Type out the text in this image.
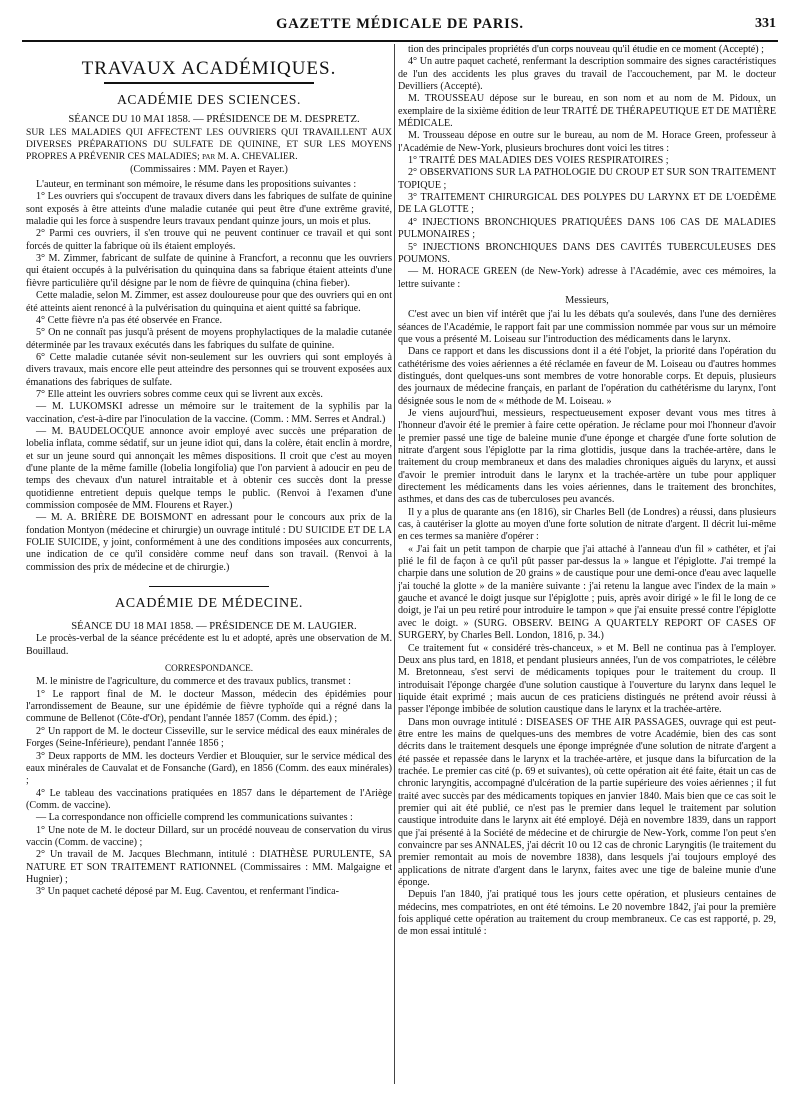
GAZETTE MÉDICALE DE PARIS.	331
TRAVAUX ACADÉMIQUES.
ACADÉMIE DES SCIENCES.

SÉANCE DU 10 MAI 1858. — PRÉSIDENCE DE M. DESPRETZ.

SUR LES MALADIES QUI AFFECTENT LES OUVRIERS QUI TRAVAILLENT AUX DIVERSES PRÉPARATIONS DU SULFATE DE QUININE, ET SUR LES MOYENS PROPRES A PRÉVENIR CES MALADIES; par M. A. CHEVALIER.

(Commissaires : MM. Payen et Rayer.)

L'auteur, en terminant son mémoire, le résume dans les propositions suivantes :

1° Les ouvriers qui s'occupent de travaux divers dans les fabriques de sulfate de quinine sont exposés à être atteints d'une maladie cutanée qui peut être d'une extrême gravité, maladie qui les force à suspendre leurs travaux pendant quinze jours, un mois et plus.

2° Parmi ces ouvriers, il s'en trouve qui ne peuvent continuer ce travail et qui sont forcés de quitter la fabrique où ils étaient employés.

3° M. Zimmer, fabricant de sulfate de quinine à Francfort, a reconnu que les ouvriers qui étaient occupés à la pulvérisation du quinquina dans sa fabrique étaient atteints d'une fièvre particulière qu'il désigne par le nom de fièvre de quinquina (china fieber).

Cette maladie, selon M. Zimmer, est assez douloureuse pour que des ouvriers qui en ont été atteints aient renoncé à la pulvérisation du quinquina et aient quitté sa fabrique.

4° Cette fièvre n'a pas été observée en France.

5° On ne connaît pas jusqu'à présent de moyens prophylactiques de la maladie cutanée déterminée par les travaux exécutés dans les fabriques du sulfate de quinine.

6° Cette maladie cutanée sévit non-seulement sur les ouvriers qui sont employés à divers travaux, mais encore elle peut atteindre des personnes qui se trouvent exposées aux émanations des fabriques de sulfate.

7° Elle atteint les ouvriers sobres comme ceux qui se livrent aux excès.

— M. LUKOMSKI adresse un mémoire sur le traitement de la syphilis par la vaccination, c'est-à-dire par l'inoculation de la vaccine. (Comm. : MM. Serres et Andral.)

— M. BAUDELOCQUE annonce avoir employé avec succès une préparation de lobelia inflata, comme sédatif, sur un jeune idiot qui, dans la colère, était enclin à mordre, et sur un jeune sourd qui annonçait les mêmes dispositions. Il croit que c'est au moyen d'une plante de la même famille (lobelia longifolia) que l'on parvient à adoucir en peu de temps des chevaux d'un naturel intraitable et à obtenir ces succès dont la presse quotidienne entretient depuis quelque temps le public. (Renvoi à l'examen d'une commission composée de MM. Flourens et Rayer.)

— M. A. BRIÈRE DE BOISMONT en adressant pour le concours aux prix de la fondation Montyon (médecine et chirurgie) un ouvrage intitulé : DU SUICIDE ET DE LA FOLIE SUICIDE, y joint, conformément à une des conditions imposées aux concurrents, une indication de ce qu'il considère comme neuf dans son travail. (Renvoi à la commission des prix de médecine et de chirurgie.)

ACADÉMIE DE MÉDECINE.

SÉANCE DU 18 MAI 1858. — PRÉSIDENCE DE M. LAUGIER.

Le procès-verbal de la séance précédente est lu et adopté, après une observation de M. Bouillaud.

CORRESPONDANCE.

M. le ministre de l'agriculture, du commerce et des travaux publics, transmet :

1° Le rapport final de M. le docteur Masson, médecin des épidémies pour l'arrondissement de Beaune, sur une épidémie de fièvre typhoïde qui a régné dans la commune de Bellenot (Côte-d'Or), pendant l'année 1857 (Comm. des épid.) ;

2° Un rapport de M. le docteur Cisseville, sur le service médical des eaux minérales de Forges (Seine-Inférieure), pendant l'année 1856 ;

3° Deux rapports de MM. les docteurs Verdier et Blouquier, sur le service médical des eaux minérales de Cauvalat et de Fonsanche (Gard), en 1856 (Comm. des eaux minérales) ;

4° Le tableau des vaccinations pratiquées en 1857 dans le département de l'Ariège (Comm. de vaccine).

— La correspondance non officielle comprend les communications suivantes :

1° Une note de M. le docteur Dillard, sur un procédé nouveau de conservation du virus vaccin (Comm. de vaccine) ;

2° Un travail de M. Jacques Blechmann, intitulé : DIATHÈSE PURULENTE, SA NATURE ET SON TRAITEMENT RATIONNEL (Commissaires : MM. Malgaigne et Hugnier) ;

3° Un paquet cacheté déposé par M. Eug. Caventou, et renfermant l'indica-

tion des principales propriétés d'un corps nouveau qu'il étudie en ce moment (Accepté) ;

4° Un autre paquet cacheté, renfermant la description sommaire des signes caractéristiques de l'un des accidents les plus graves du travail de l'accouchement, par M. le docteur Devilliers (Accepté).

M. TROUSSEAU dépose sur le bureau, en son nom et au nom de M. Pidoux, un exemplaire de la sixième édition de leur TRAITÉ DE THÉRAPEUTIQUE ET DE MATIÈRE MÉDICALE.

M. Trousseau dépose en outre sur le bureau, au nom de M. Horace Green, professeur à l'Académie de New-York, plusieurs brochures dont voici les titres :

1° TRAITÉ DES MALADIES DES VOIES RESPIRATOIRES ;

2° OBSERVATIONS SUR LA PATHOLOGIE DU CROUP ET SUR SON TRAITEMENT TOPIQUE ;

3° TRAITEMENT CHIRURGICAL DES POLYPES DU LARYNX ET DE L'OEDÈME DE LA GLOTTE ;

4° INJECTIONS BRONCHIQUES PRATIQUÉES DANS 106 CAS DE MALADIES PULMONAIRES ;

5° INJECTIONS BRONCHIQUES DANS DES CAVITÉS TUBERCULEUSES DES POUMONS.

— M. HORACE GREEN (de New-York) adresse à l'Académie, avec ces mémoires, la lettre suivante :

Messieurs,

C'est avec un bien vif intérêt que j'ai lu les débats qu'a soulevés, dans l'une des dernières séances de l'Académie, le rapport fait par une commission nommée par vous sur un mémoire que vous a présenté M. Loiseau sur l'introduction des médicaments dans le larynx.

Dans ce rapport et dans les discussions dont il a été l'objet, la priorité dans l'opération du cathétérisme des voies aériennes a été réclamée en faveur de M. Loiseau ou d'autres hommes distingués, dont quelques-uns sont membres de votre honorable corps. Et depuis, plusieurs des journaux de médecine français, en parlant de l'opération du cathétérisme du larynx, l'ont désignée sous le nom de « méthode de M. Loiseau. »

Je viens aujourd'hui, messieurs, respectueusement exposer devant vous mes titres à l'honneur d'avoir été le premier à faire cette opération. Je réclame pour moi l'honneur d'avoir le premier passé une tige de baleine munie d'une éponge et chargée d'une forte solution de nitrate d'argent sous l'épiglotte par la rima glottidis, jusque dans la trachée-artère, dans le traitement du croup membraneux et dans des maladies chroniques aiguës du larynx, et aussi d'avoir le premier introduit dans le larynx et la trachée-artère un tube pour appliquer directement les médicaments dans les voies aériennes, dans le traitement des bronchites, asthmes, et dans des cas de tuberculoses peu avancés.

Il y a plus de quarante ans (en 1816), sir Charles Bell (de Londres) a réussi, dans plusieurs cas, à cautériser la glotte au moyen d'une forte solution de nitrate d'argent. Il décrit lui-même en ces termes sa manière d'opérer :

« J'ai fait un petit tampon de charpie que j'ai attaché à l'anneau d'un fil » cathéter, et j'ai plié le fil de façon à ce qu'il pût passer par-dessus la » langue et l'épiglotte. J'ai trempé la charpie dans une solution de 20 grains » de caustique pour une demi-once d'eau avec laquelle j'ai touché la glotte » de la manière suivante : j'ai retenu la langue avec l'index de la main » gauche et avancé le doigt jusque sur l'épiglotte ; puis, après avoir dirigé » le fil le long de ce doigt, je l'ai un peu retiré pour introduire le tampon » que j'ai ensuite pressé contre l'épiglotte avec le doigt. » (SURG. OBSERV. BEING A QUARTELY REPORT OF CASES OF SURGERY, by Charles Bell. London, 1816, p. 34.)

Ce traitement fut « considéré très-chanceux, » et M. Bell ne continua pas à l'employer. Deux ans plus tard, en 1818, et pendant plusieurs années, l'un de vos compatriotes, le célèbre M. Bretonneau, s'est servi de médicaments topiques pour le traitement du croup. Il introduisait l'éponge chargée d'une solution caustique à l'ouverture du larynx dans lequel le liquide était exprimé ; mais aucun de ces praticiens distingués ne prétend avoir réussi à passer l'éponge imbibée de solution caustique dans le larynx et la trachée-artère.

Dans mon ouvrage intitulé : DISEASES OF THE AIR PASSAGES, ouvrage qui est peut-être entre les mains de quelques-uns des membres de votre Académie, bien des cas sont décrits dans le traitement desquels une éponge imprégnée d'une solution de nitrate d'argent a été passée et repassée dans le larynx et la trachée-artère, et jusque dans la bifurcation de la trachée. Le premier cas cité (p. 69 et suivantes), où cette opération ait été faite, était un cas de chronic laryngitis, accompagné d'ulcération de la partie supérieure des voies aériennes ; il fut traité avec succès par des médicaments topiques en janvier 1840. Mais bien que ce cas soit le premier qui ait été publié, ce n'est pas le premier dans lequel le traitement par solution caustique introduite dans le larynx ait été employé. Déjà en novembre 1839, dans un rapport que j'ai présenté à la Société de médecine et de chirurgie de New-York, comme l'on peut s'en convaincre par ses ANNALES, j'ai décrit 10 ou 12 cas de chronic Laryngitis (le traitement du premier remontait au mois de novembre 1838), dans lesquels j'ai toujours employé des applications de nitrate d'argent dans le larynx, faites avec une tige de baleine munie d'une éponge.

Depuis l'an 1840, j'ai pratiqué tous les jours cette opération, et plusieurs centaines de médecins, mes compatriotes, en ont été témoins. Le 20 novembre 1842, j'ai pour la première fois appliqué cette opération au traitement du croup membraneux. Ce cas est rapporté, p. 29, de mon essai intitulé :
